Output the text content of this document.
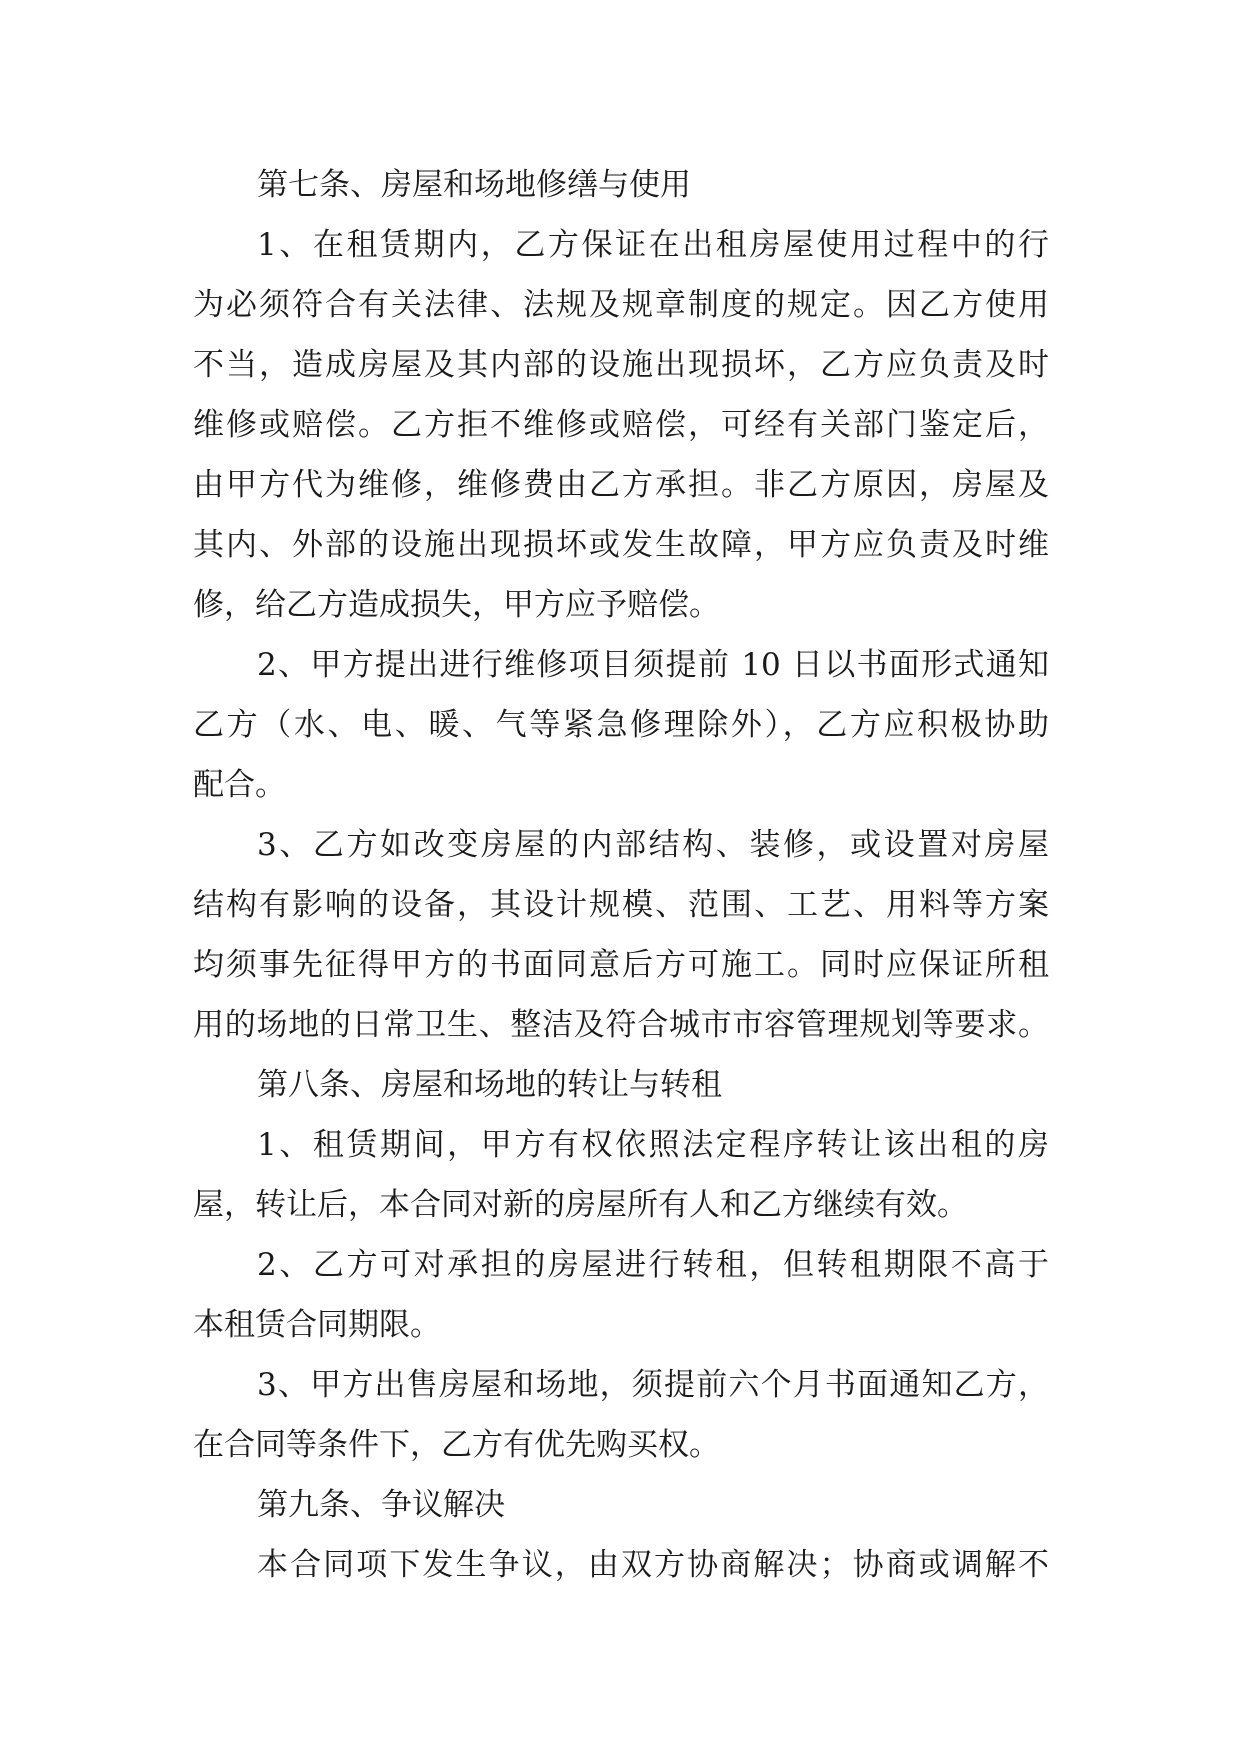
第七条、房屋和场地修缮与使用
1、在租赁期内，乙方保证在出租房屋使用过程中的行
为必须符合有关法律、法规及规章制度的规定。因乙方使用
不当，造成房屋及其内部的设施出现损坏，乙方应负责及时
维修或赔偿。乙方拒不维修或赔偿，可经有关部门鉴定后，
由甲方代为维修，维修费由乙方承担。非乙方原因，房屋及
其内、外部的设施出现损坏或发生故障，甲方应负责及时维
修，给乙方造成损失，甲方应予赔偿。
2、甲方提出进行维修项目须提前 10 日以书面形式通知
乙方（水、电、暖、气等紧急修理除外），乙方应积极协助
配合。
3、乙方如改变房屋的内部结构、装修，或设置对房屋
结构有影响的设备，其设计规模、范围、工艺、用料等方案
均须事先征得甲方的书面同意后方可施工。同时应保证所租
用的场地的日常卫生、整洁及符合城市市容管理规划等要求。
第八条、房屋和场地的转让与转租
1、租赁期间，甲方有权依照法定程序转让该出租的房
屋，转让后，本合同对新的房屋所有人和乙方继续有效。
2、乙方可对承担的房屋进行转租，但转租期限不高于
本租赁合同期限。
3、甲方出售房屋和场地，须提前六个月书面通知乙方，
在合同等条件下，乙方有优先购买权。
第九条、争议解决
本合同项下发生争议，由双方协商解决；协商或调解不
